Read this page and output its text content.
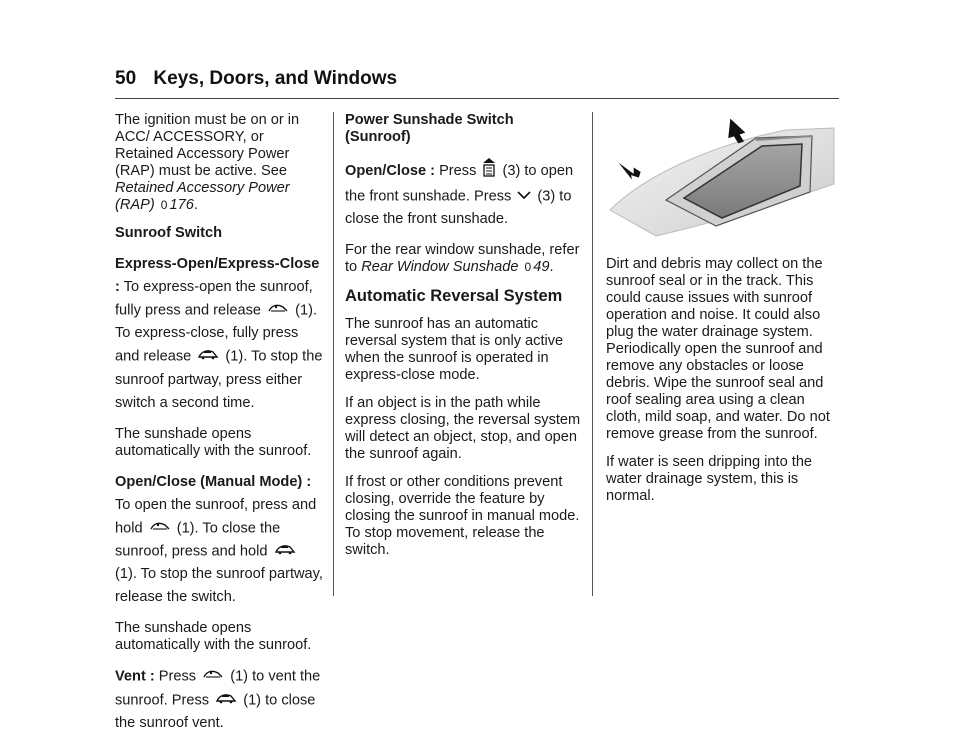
50 Keys, Doors, and Windows

The ignition must be on or in ACC/ ACCESSORY, or Retained Accessory Power (RAP) must be active. See Retained Accessory Power (RAP) 0 176.

Sunroof Switch

Express-Open/Express-Close : To express-open the sunroof, fully press and release  (1). To express-close, fully press and release  (1). To stop the sunroof partway, press either switch a second time.

The sunshade opens automatically with the sunroof.

Open/Close (Manual Mode) : To open the sunroof, press and hold  (1). To close the sunroof, press and hold  (1). To stop the sunroof partway, release the switch.

The sunshade opens automatically with the sunroof.

Vent : Press  (1) to vent the sunroof. Press  (1) to close the sunroof vent.

Power Sunshade Switch (Sunroof)

Open/Close : Press  (3) to open the front sunshade. Press  (3) to close the front sunshade.

For the rear window sunshade, refer to Rear Window Sunshade 0 49.

Automatic Reversal System

The sunroof has an automatic reversal system that is only active when the sunroof is operated in express-close mode.

If an object is in the path while express closing, the reversal system will detect an object, stop, and open the sunroof again.

If frost or other conditions prevent closing, override the feature by closing the sunroof in manual mode. To stop movement, release the switch.

Dirt and debris may collect on the sunroof seal or in the track. This could cause issues with sunroof operation and noise. It could also plug the water drainage system. Periodically open the sunroof and remove any obstacles or loose debris. Wipe the sunroof seal and roof sealing area using a clean cloth, mild soap, and water. Do not remove grease from the sunroof.

If water is seen dripping into the water drainage system, this is normal.
